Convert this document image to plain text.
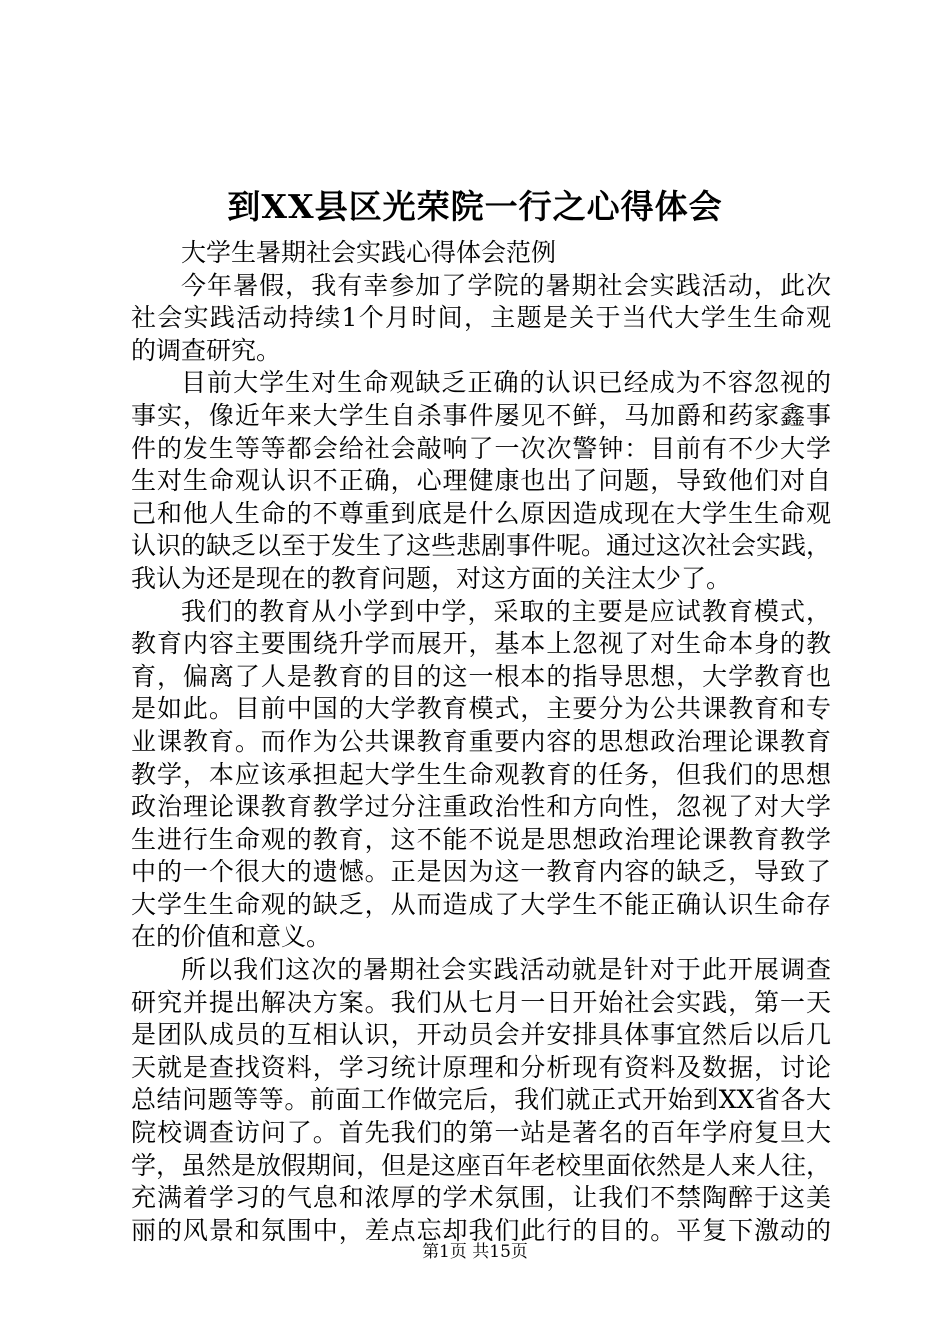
到XX县区光荣院一行之心得体会
大学生暑期社会实践心得体会范例
今年暑假，我有幸参加了学院的暑期社会实践活动，此次
社会实践活动持续1个月时间，主题是关于当代大学生生命观
的调查研究。
目前大学生对生命观缺乏正确的认识已经成为不容忽视的
事实，像近年来大学生自杀事件屡见不鲜，马加爵和药家鑫事
件的发生等等都会给社会敲响了一次次警钟：目前有不少大学
生对生命观认识不正确，心理健康也出了问题，导致他们对自
己和他人生命的不尊重到底是什么原因造成现在大学生生命观
认识的缺乏以至于发生了这些悲剧事件呢。通过这次社会实践，
我认为还是现在的教育问题，对这方面的关注太少了。
我们的教育从小学到中学，采取的主要是应试教育模式，
教育内容主要围绕升学而展开，基本上忽视了对生命本身的教
育，偏离了人是教育的目的这一根本的指导思想，大学教育也
是如此。目前中国的大学教育模式，主要分为公共课教育和专
业课教育。而作为公共课教育重要内容的思想政治理论课教育
教学，本应该承担起大学生生命观教育的任务，但我们的思想
政治理论课教育教学过分注重政治性和方向性，忽视了对大学
生进行生命观的教育，这不能不说是思想政治理论课教育教学
中的一个很大的遗憾。正是因为这一教育内容的缺乏，导致了
大学生生命观的缺乏，从而造成了大学生不能正确认识生命存
在的价值和意义。
所以我们这次的暑期社会实践活动就是针对于此开展调查
研究并提出解决方案。我们从七月一日开始社会实践，第一天
是团队成员的互相认识，开动员会并安排具体事宜然后以后几
天就是查找资料，学习统计原理和分析现有资料及数据，讨论
总结问题等等。前面工作做完后，我们就正式开始到XX省各大
院校调查访问了。首先我们的第一站是著名的百年学府复旦大
学，虽然是放假期间，但是这座百年老校里面依然是人来人往，
充满着学习的气息和浓厚的学术氛围，让我们不禁陶醉于这美
丽的风景和氛围中，差点忘却我们此行的目的。平复下激动的
第1页 共15页
